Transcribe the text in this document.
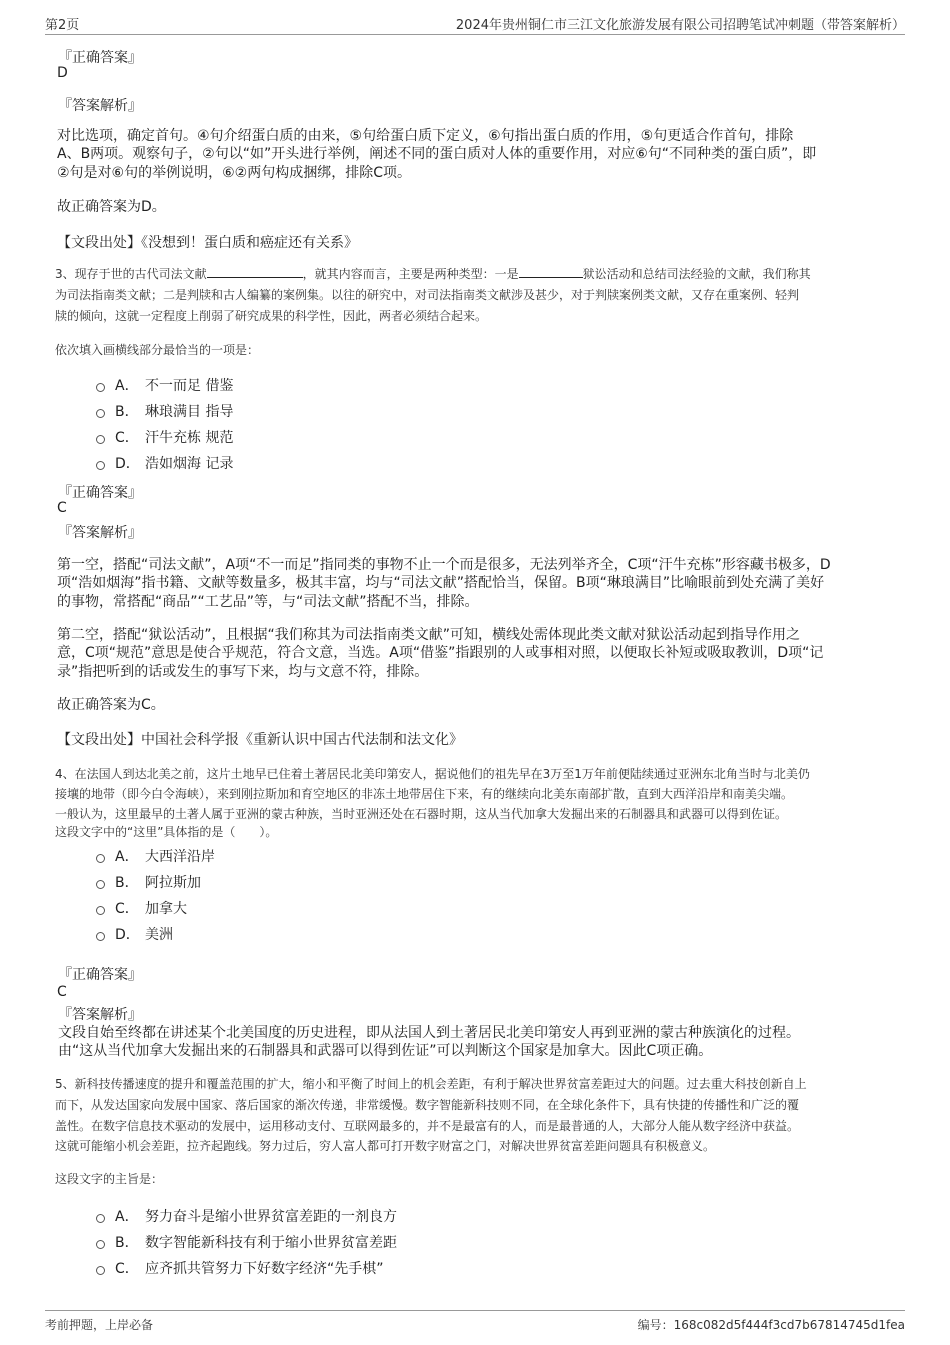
第2页	2024年贵州铜仁市三江文化旅游发展有限公司招聘笔试冲刺题（带答案解析）
『正确答案』
D
『答案解析』
对比选项，确定首句。④句介绍蛋白质的由来，⑤句给蛋白质下定义，⑥句指出蛋白质的作用，⑤句更适合作首句，排除
A、B两项。观察句子，②句以“如”开头进行举例，阐述不同的蛋白质对人体的重要作用，对应⑥句“不同种类的蛋白质”，即
②句是对⑥句的举例说明，⑥②两句构成捆绑，排除C项。
故正确答案为D。
【文段出处】《没想到！蛋白质和癌症还有关系》
3、现存于世的古代司法文献	，就其内容而言，主要是两种类型：一是	狱讼活动和总结司法经验的文献，我们称其
为司法指南类文献；二是判牍和古人编纂的案例集。以往的研究中，对司法指南类文献涉及甚少，对于判牍案例类文献，又存在重案例、轻判
牍的倾向，这就一定程度上削弱了研究成果的科学性，因此，两者必须结合起来。
依次填入画横线部分最恰当的一项是：
A． 不一而足 借鉴
B． 琳琅满目 指导
C． 汗牛充栋 规范
D． 浩如烟海 记录
『正确答案』
C
『答案解析』
第一空，搭配“司法文献”，A项“不一而足”指同类的事物不止一个而是很多，无法列举齐全，C项“汗牛充栋”形容藏书极多，D
项“浩如烟海”指书籍、文献等数量多，极其丰富，均与“司法文献”搭配恰当，保留。B项“琳琅满目”比喻眼前到处充满了美好
的事物，常搭配“商品”“工艺品”等，与“司法文献”搭配不当，排除。
第二空，搭配“狱讼活动”，且根据“我们称其为司法指南类文献”可知，横线处需体现此类文献对狱讼活动起到指导作用之
意，C项“规范”意思是使合乎规范，符合文意，当选。A项“借鉴”指跟别的人或事相对照，以便取长补短或吸取教训，D项“记
录”指把听到的话或发生的事写下来，均与文意不符，排除。
故正确答案为C。
【文段出处】中国社会科学报《重新认识中国古代法制和法文化》
4、在法国人到达北美之前，这片土地早已住着土著居民北美印第安人，据说他们的祖先早在3万至1万年前便陆续通过亚洲东北角当时与北美仍
接壤的地带（即今白令海峡），来到刚拉斯加和育空地区的非冻土地带居住下来，有的继续向北美东南部扩散，直到大西洋沿岸和南美尖端。
一般认为，这里最早的土著人属于亚洲的蒙古种族，当时亚洲还处在石器时期，这从当代加拿大发掘出来的石制器具和武器可以得到佐证。
这段文字中的“这里”具体指的是（　　）。
A． 大西洋沿岸
B． 阿拉斯加
C． 加拿大
D． 美洲
『正确答案』
C
『答案解析』
文段自始至终都在讲述某个北美国度的历史进程，即从法国人到土著居民北美印第安人再到亚洲的蒙古种族演化的过程。
由“这从当代加拿大发掘出来的石制器具和武器可以得到佐证”可以判断这个国家是加拿大。因此C项正确。
5、新科技传播速度的提升和覆盖范围的扩大，缩小和平衡了时间上的机会差距，有利于解决世界贫富差距过大的问题。过去重大科技创新自上
而下，从发达国家向发展中国家、落后国家的渐次传递，非常缓慢。数字智能新科技则不同，在全球化条件下，具有快捷的传播性和广泛的覆
盖性。在数字信息技术驱动的发展中，运用移动支付、互联网最多的，并不是最富有的人，而是最普通的人，大部分人能从数字经济中获益。
这就可能缩小机会差距，拉齐起跑线。努力过后，穷人富人都可打开数字财富之门，对解决世界贫富差距问题具有积极意义。
这段文字的主旨是：
A． 努力奋斗是缩小世界贫富差距的一剂良方
B． 数字智能新科技有利于缩小世界贫富差距
C． 应齐抓共管努力下好数字经济“先手棋”
考前押题，上岸必备	编号：168c082d5f444f3cd7b67814745d1fea
